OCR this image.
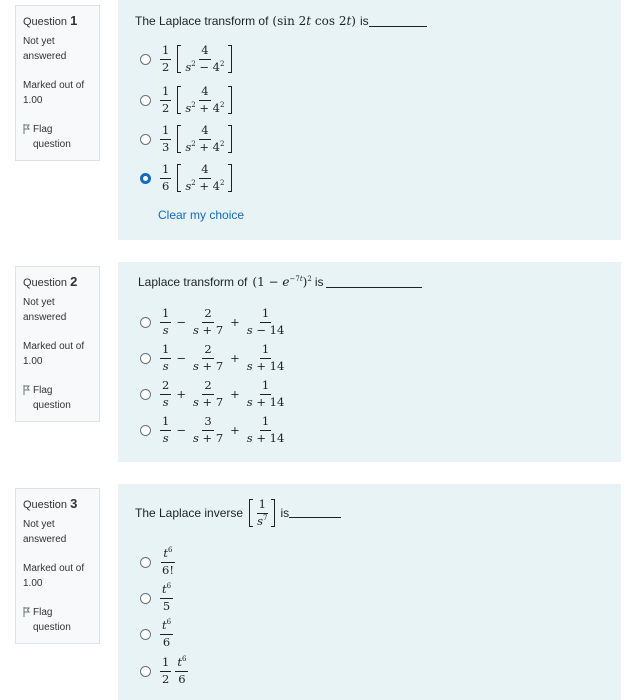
Question 1
Not yet answered
Marked out of 1.00
Flag question
The Laplace transform of (sin 2t cos 2t) is
$\frac{1}{2} \frac{4}{s^2 - 4^2}$
$\frac{1}{2} \frac{4}{s^2 + 4^2}$
$\frac{1}{3} \frac{4}{s^2 + 4^2}$
$\frac{1}{6} \frac{4}{s^2 + 4^2}$
Clear my choice
Question 2
Not yet answered
Marked out of 1.00
Flag question
Laplace transform of $(1 - e^{-7t})^2$ is
$\frac{1}{s} - \frac{2}{s + 7} + \frac{1}{s - 14}$
$\frac{1}{s} - \frac{2}{s + 7} + \frac{1}{s + 14}$
$\frac{2}{s} + \frac{2}{s + 7} + \frac{1}{s + 14}$
$\frac{1}{s} - \frac{3}{s + 7} + \frac{1}{s + 14}$
Question 3
Not yet answered
Marked out of 1.00
Flag question
The Laplace inverse $\frac{1}{s^7}$ is
$\frac{t^6}{6!}$
$\frac{t^6}{5}$
$\frac{t^6}{6}$
$\frac{1}{2} \frac{t^6}{6}$
